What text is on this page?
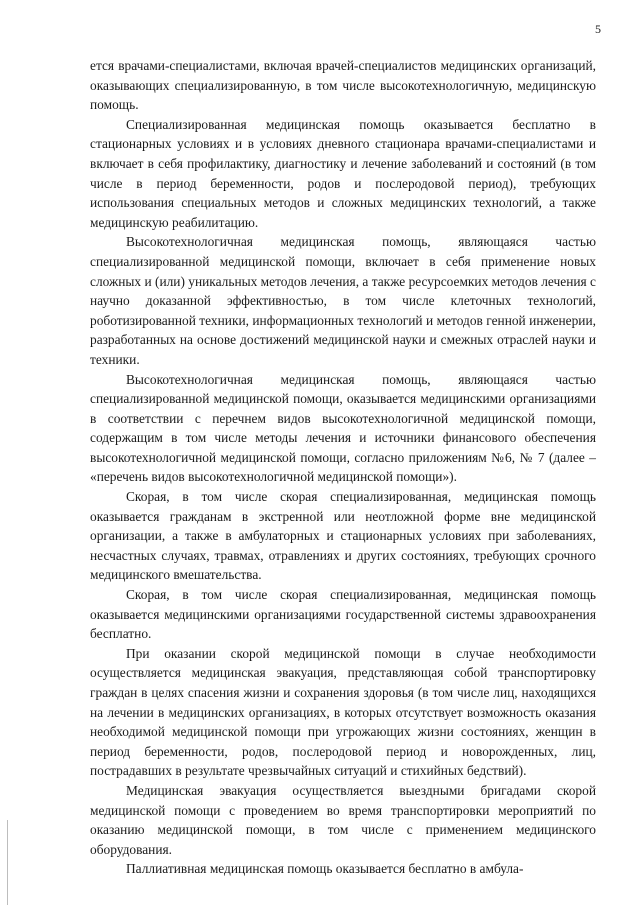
5

ется врачами-специалистами, включая врачей-специалистов медицинских организаций, оказывающих специализированную, в том числе высокотехнологичную, медицинскую помощь.

Специализированная медицинская помощь оказывается бесплатно в стационарных условиях и в условиях дневного стационара врачами-специалистами и включает в себя профилактику, диагностику и лечение заболеваний и состояний (в том числе в период беременности, родов и послеродовой период), требующих использования специальных методов и сложных медицинских технологий, а также медицинскую реабилитацию.

Высокотехнологичная медицинская помощь, являющаяся частью специализированной медицинской помощи, включает в себя применение новых сложных и (или) уникальных методов лечения, а также ресурсоемких методов лечения с научно доказанной эффективностью, в том числе клеточных технологий, роботизированной техники, информационных технологий и методов генной инженерии, разработанных на основе достижений медицинской науки и смежных отраслей науки и техники.

Высокотехнологичная медицинская помощь, являющаяся частью специализированной медицинской помощи, оказывается медицинскими организациями в соответствии с перечнем видов высокотехнологичной медицинской помощи, содержащим в том числе методы лечения и источники финансового обеспечения высокотехнологичной медицинской помощи, согласно приложениям №6, № 7 (далее – «перечень видов высокотехнологичной медицинской помощи»).

Скорая, в том числе скорая специализированная, медицинская помощь оказывается гражданам в экстренной или неотложной форме вне медицинской организации, а также в амбулаторных и стационарных условиях при заболеваниях, несчастных случаях, травмах, отравлениях и других состояниях, требующих срочного медицинского вмешательства.

Скорая, в том числе скорая специализированная, медицинская помощь оказывается медицинскими организациями государственной системы здравоохранения бесплатно.

При оказании скорой медицинской помощи в случае необходимости осуществляется медицинская эвакуация, представляющая собой транспортировку граждан в целях спасения жизни и сохранения здоровья (в том числе лиц, находящихся на лечении в медицинских организациях, в которых отсутствует возможность оказания необходимой медицинской помощи при угрожающих жизни состояниях, женщин в период беременности, родов, послеродовой период и новорожденных, лиц, пострадавших в результате чрезвычайных ситуаций и стихийных бедствий).

Медицинская эвакуация осуществляется выездными бригадами скорой медицинской помощи с проведением во время транспортировки мероприятий по оказанию медицинской помощи, в том числе с применением медицинского оборудования.

Паллиативная медицинская помощь оказывается бесплатно в амбула-
